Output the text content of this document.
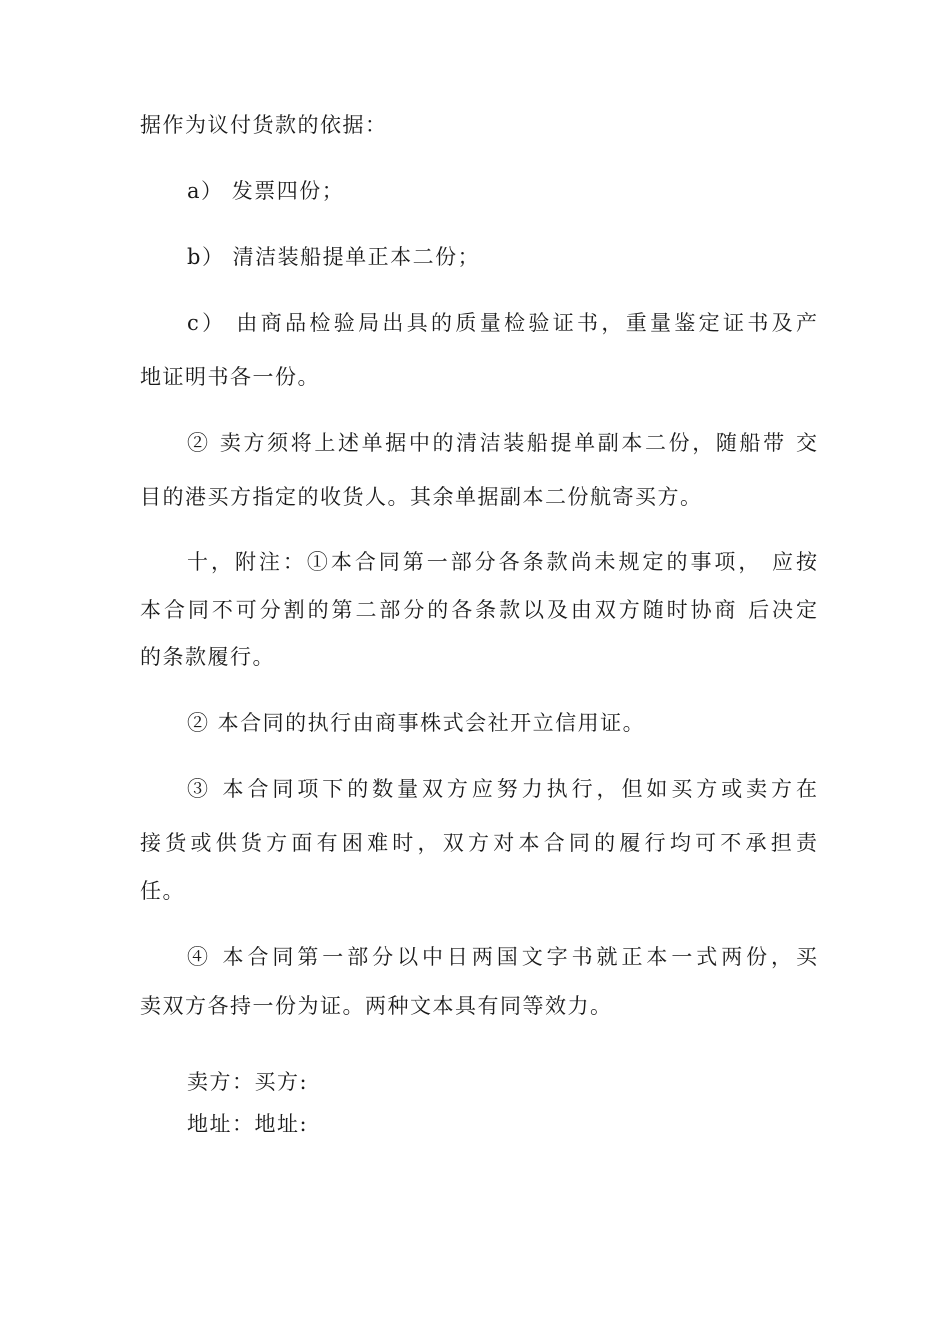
据作为议付货款的依据：
a） 发票四份；
b） 清洁装船提单正本二份；
c） 由商品检验局出具的质量检验证书，重量鉴定证书及产
地证明书各一份。
② 卖方须将上述单据中的清洁装船提单副本二份，随船带 交
目的港买方指定的收货人。其余单据副本二份航寄买方。
十，附注：①本合同第一部分各条款尚未规定的事项， 应按
本合同不可分割的第二部分的各条款以及由双方随时协商 后决定
的条款履行。
② 本合同的执行由商事株式会社开立信用证。
③ 本合同项下的数量双方应努力执行，但如买方或卖方在
接货或供货方面有困难时，双方对本合同的履行均可不承担责
任。
④ 本合同第一部分以中日两国文字书就正本一式两份，买
卖双方各持一份为证。两种文本具有同等效力。
卖方：买方:
地址：地址:
